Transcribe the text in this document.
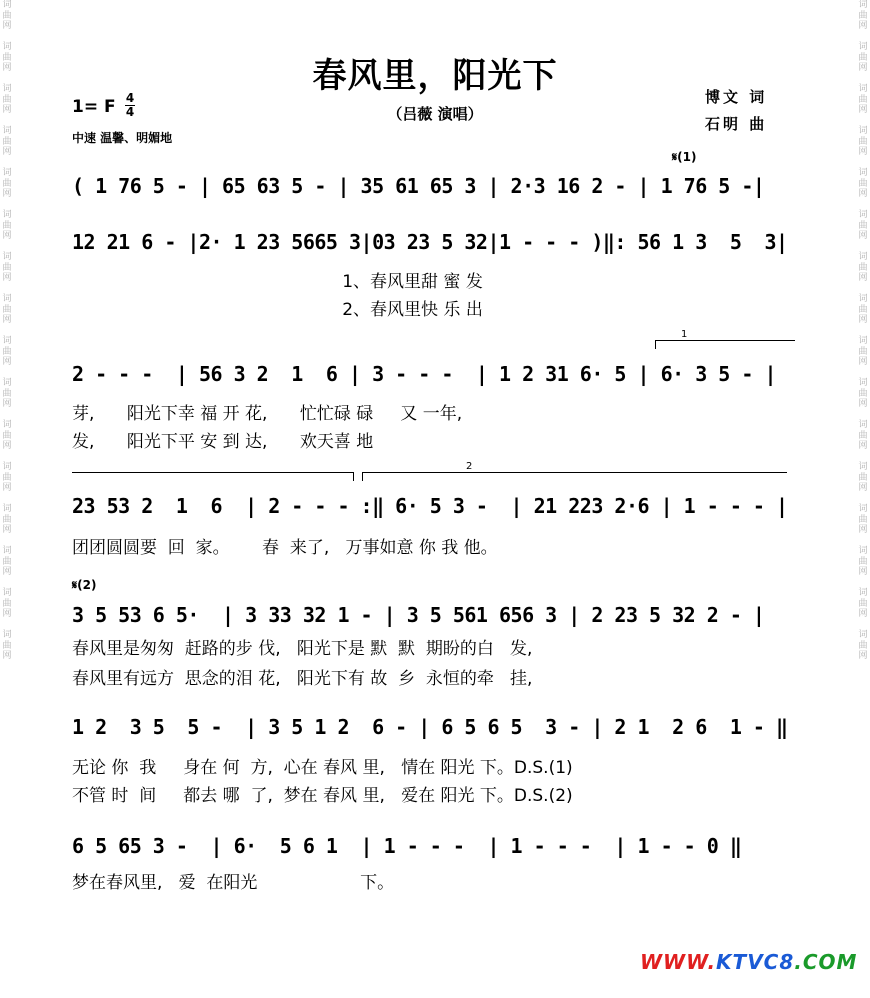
词
曲
网

词
曲
网

词
曲
网

词
曲
网

词
曲
网

词
曲
网

词
曲
网

词
曲
网

词
曲
网

词
曲
网

词
曲
网

词
曲
网

词
曲
网

词
曲
网

词
曲
网

词
曲
网
词
曲
网

词
曲
网

词
曲
网

词
曲
网

词
曲
网

词
曲
网

词
曲
网

词
曲
网

词
曲
网

词
曲
网

词
曲
网

词
曲
网

词
曲
网

词
曲
网

词
曲
网

词
曲
网
春风里，阳光下
（吕薇 演唱）
博文 词
石明 曲
1= F 4
4
中速 温馨、明媚地
𝄋(1)
𝄋(2)
( 1 76 5 - | 65 63 5 - | 35 61 65 3 | 2·3 16 2 - | 1 76 5 -|
12 21 6 - |2· 1 23 5665 3|03 23 5 32|1 - - - )‖: 56 1 3  5  3|
1、春风里甜 蜜 发
2、春风里快 乐 出
1
2 - - -  | 56 3 2  1  6 | 3 - - -  | 1 2 31 6· 5 | 6· 3 5 - |
芽,      阳光下幸 福 开 花,      忙忙碌 碌     又 一年,
发,      阳光下平 安 到 达,      欢天喜 地
2
23 53 2  1  6  | 2 - - - :‖ 6· 5 3 -  | 21 223 2·6 | 1 - - - |
团团圆圆要  回  家。      春  来了,   万事如意 你 我 他。
3 5 53 6 5·  | 3 33 32 1 - | 3 5 561 656 3 | 2 23 5 32 2 - |
春风里是匆匆  赶路的步 伐,   阳光下是 默  默  期盼的白   发,
春风里有远方  思念的泪 花,   阳光下有 故  乡  永恒的牵   挂,
1 2  3 5  5 -  | 3 5 1 2  6 - | 6 5 6 5  3 - | 2 1  2 6  1 - ‖
无论 你  我     身在 何  方,  心在 春风 里,   情在 阳光 下。D.S.(1)
不管 时  间     都去 哪  了,  梦在 春风 里,   爱在 阳光 下。D.S.(2)
6 5 65 3 -  | 6·  5 6 1  | 1 - - -  | 1 - - -  | 1 - - 0 ‖
梦在春风里,   爱  在阳光                   下。
WWW.KTVC8.COM
